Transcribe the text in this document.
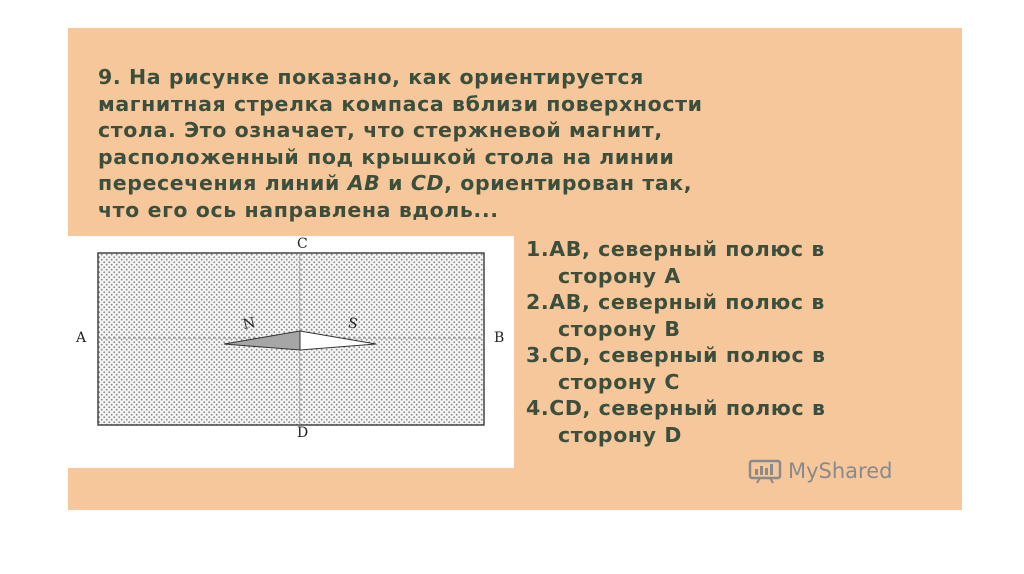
9. На рисунке показано, как ориентируется
магнитная стрелка компаса вблизи поверхности
стола. Это означает, что стержневой магнит,
расположенный под крышкой стола на линии
пересечения линий AB и CD, ориентирован так,
что его ось направлена вдоль...
C
D
A	B
N	S
1.AB, северный полюс в
сторону A
2.AB, северный полюс в
сторону B
3.CD, северный полюс в
сторону C
4.CD, северный полюс в
сторону D
MyShared
